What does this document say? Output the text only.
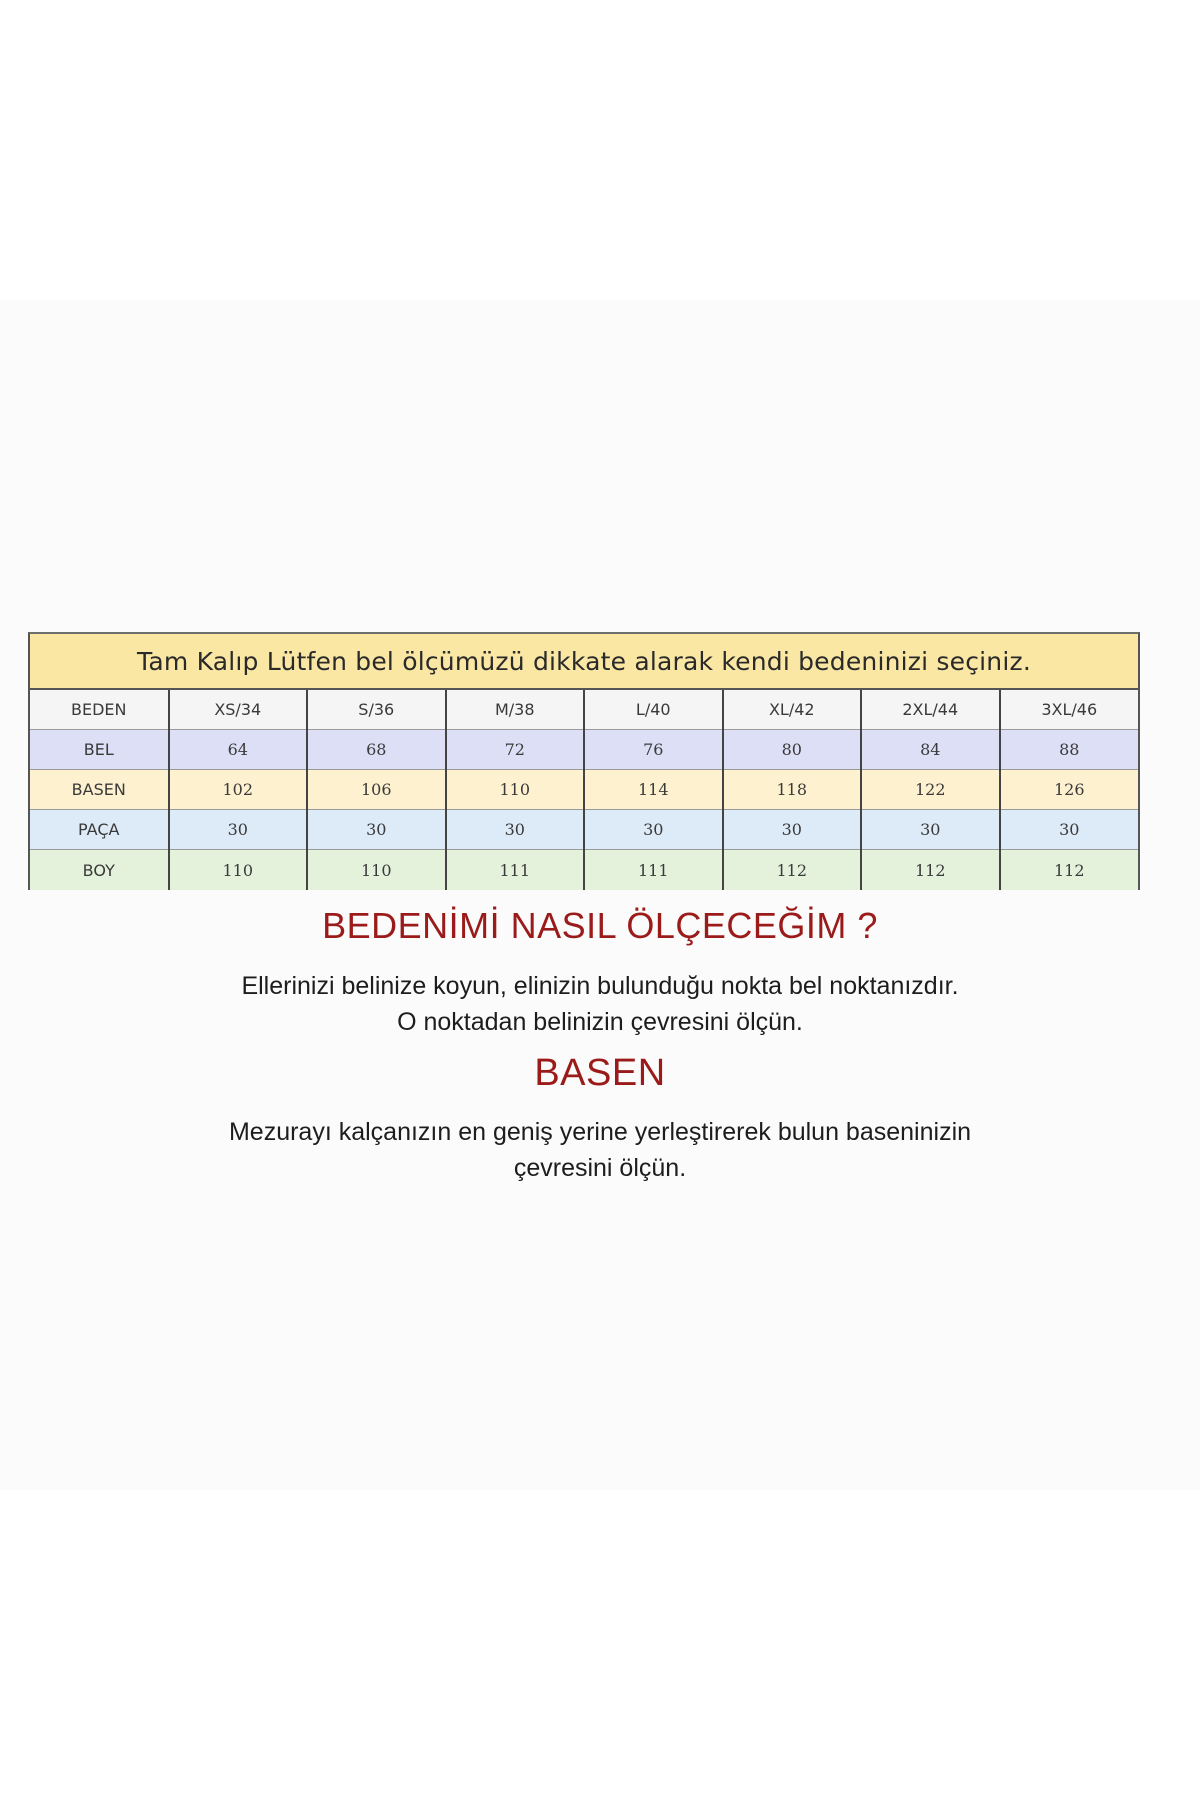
Tam Kalıp Lütfen bel ölçümüzü dikkate alarak kendi bedeninizi seçiniz.
BEDEN	XS/34	S/36	M/38	L/40	XL/42	2XL/44	3XL/46
BEL	64	68	72	76	80	84	88
BASEN	102	106	110	114	118	122	126
PAÇA	30	30	30	30	30	30	30
BOY	110	110	111	111	112	112	112
BEDENİMİ NASIL ÖLÇECEĞİM ?
Ellerinizi belinize koyun, elinizin bulunduğu nokta bel noktanızdır.
O noktadan belinizin çevresini ölçün.
BASEN
Mezurayı kalçanızın en geniş yerine yerleştirerek bulun baseninizin
çevresini ölçün.
